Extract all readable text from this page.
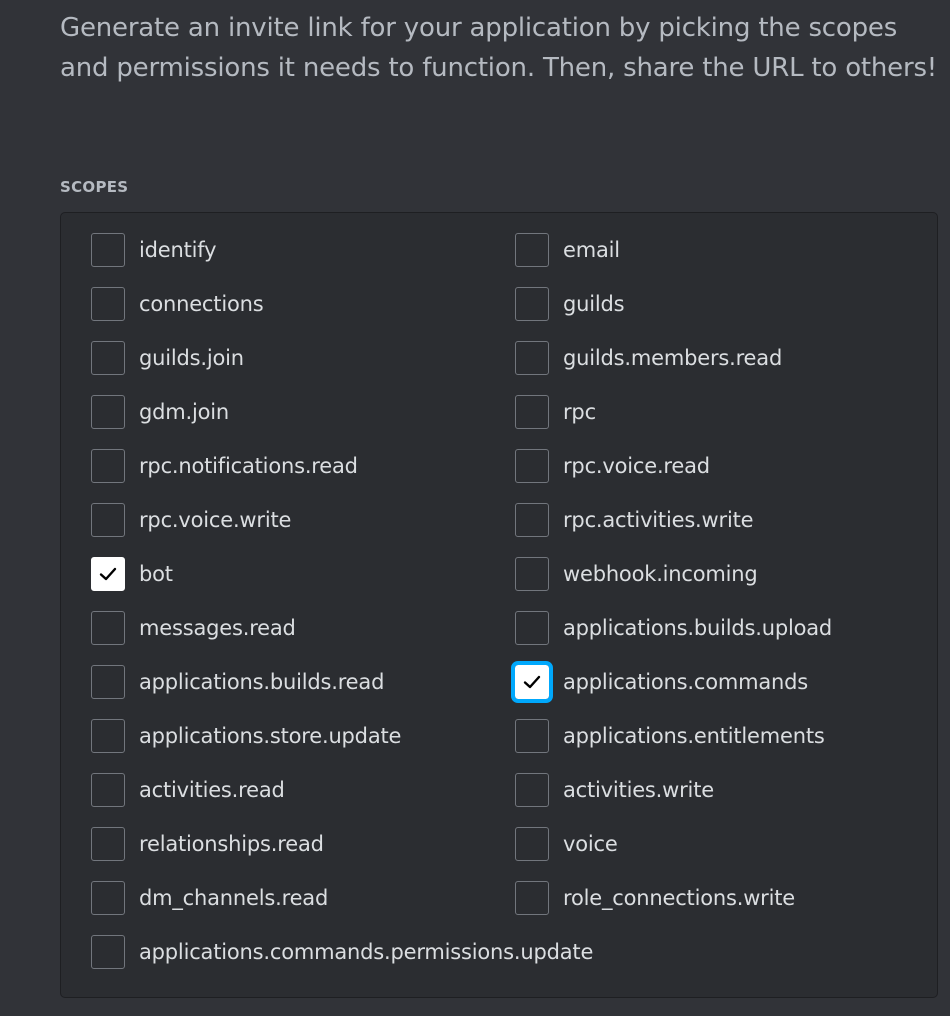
Generate an invite link for your application by picking the scopes and permissions it needs to function. Then, share the URL to others!

SCOPES

identify	email
connections	guilds
guilds.join	guilds.members.read
gdm.join	rpc
rpc.notifications.read	rpc.voice.read
rpc.voice.write	rpc.activities.write
bot	webhook.incoming
messages.read	applications.builds.upload
applications.builds.read	applications.commands
applications.store.update	applications.entitlements
activities.read	activities.write
relationships.read	voice
dm_channels.read	role_connections.write
applications.commands.permissions.update
